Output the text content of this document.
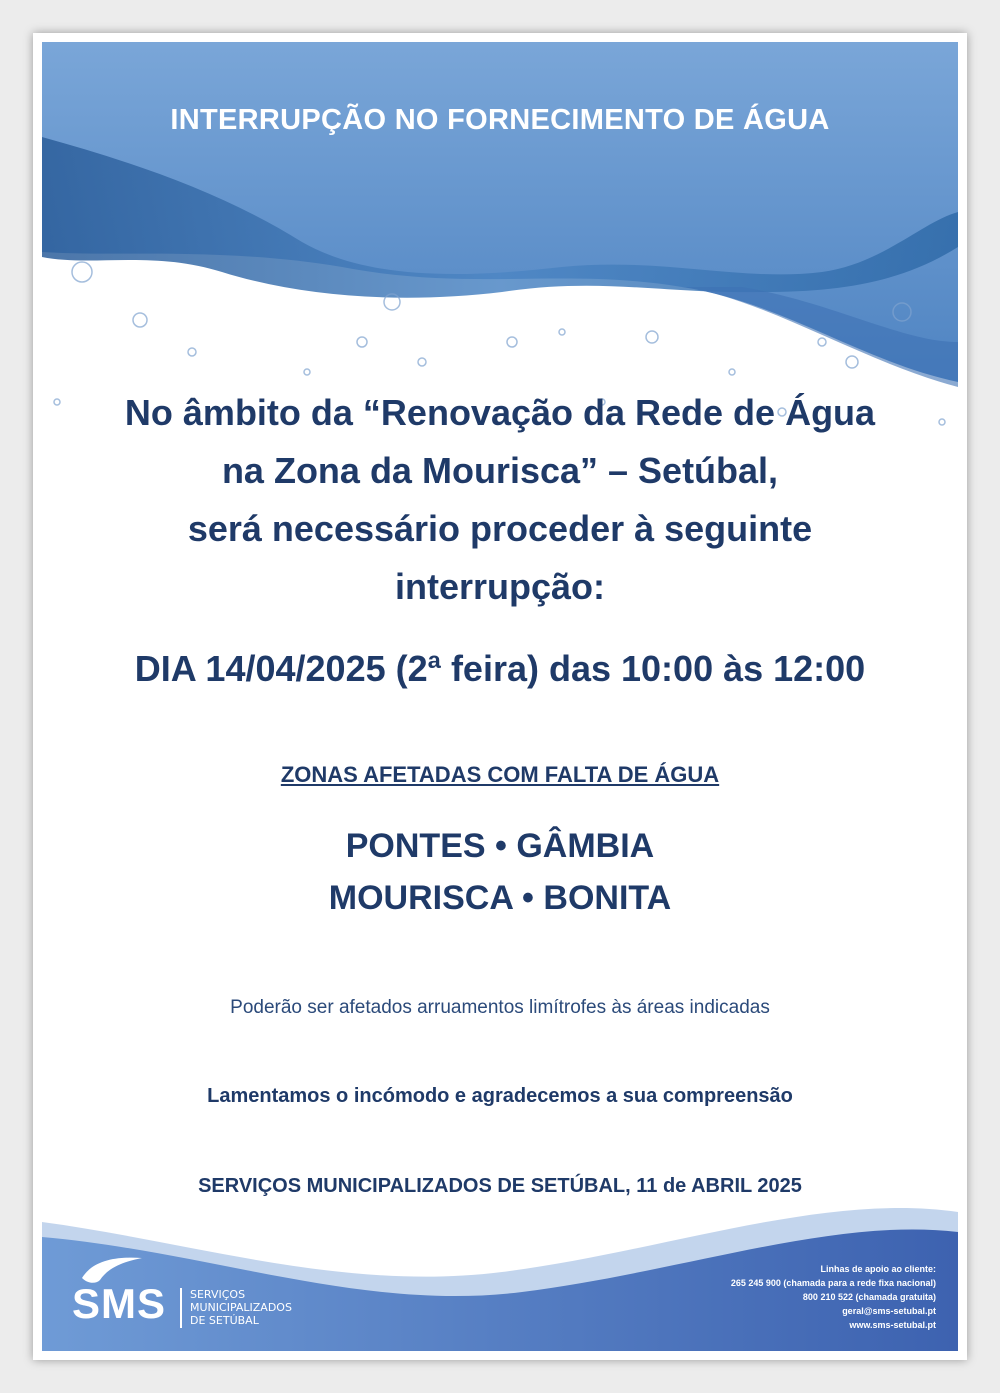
INTERRUPÇÃO NO FORNECIMENTO DE ÁGUA
No âmbito da “Renovação da Rede de Água
na Zona da Mourisca” – Setúbal,
será necessário proceder à seguinte
interrupção:
DIA 14/04/2025 (2ª feira) das 10:00 às 12:00
ZONAS AFETADAS COM FALTA DE ÁGUA
PONTES • GÂMBIA
MOURISCA • BONITA
Poderão ser afetados arruamentos limítrofes às áreas indicadas
Lamentamos o incómodo e agradecemos a sua compreensão
SERVIÇOS MUNICIPALIZADOS DE SETÚBAL, 11 de ABRIL 2025
SMS SERVIÇOS
MUNICIPALIZADOS
DE SETÚBAL
Linhas de apoio ao cliente:
265 245 900 (chamada para a rede fixa nacional)
800 210 522 (chamada gratuita)
geral@sms-setubal.pt
www.sms-setubal.pt
